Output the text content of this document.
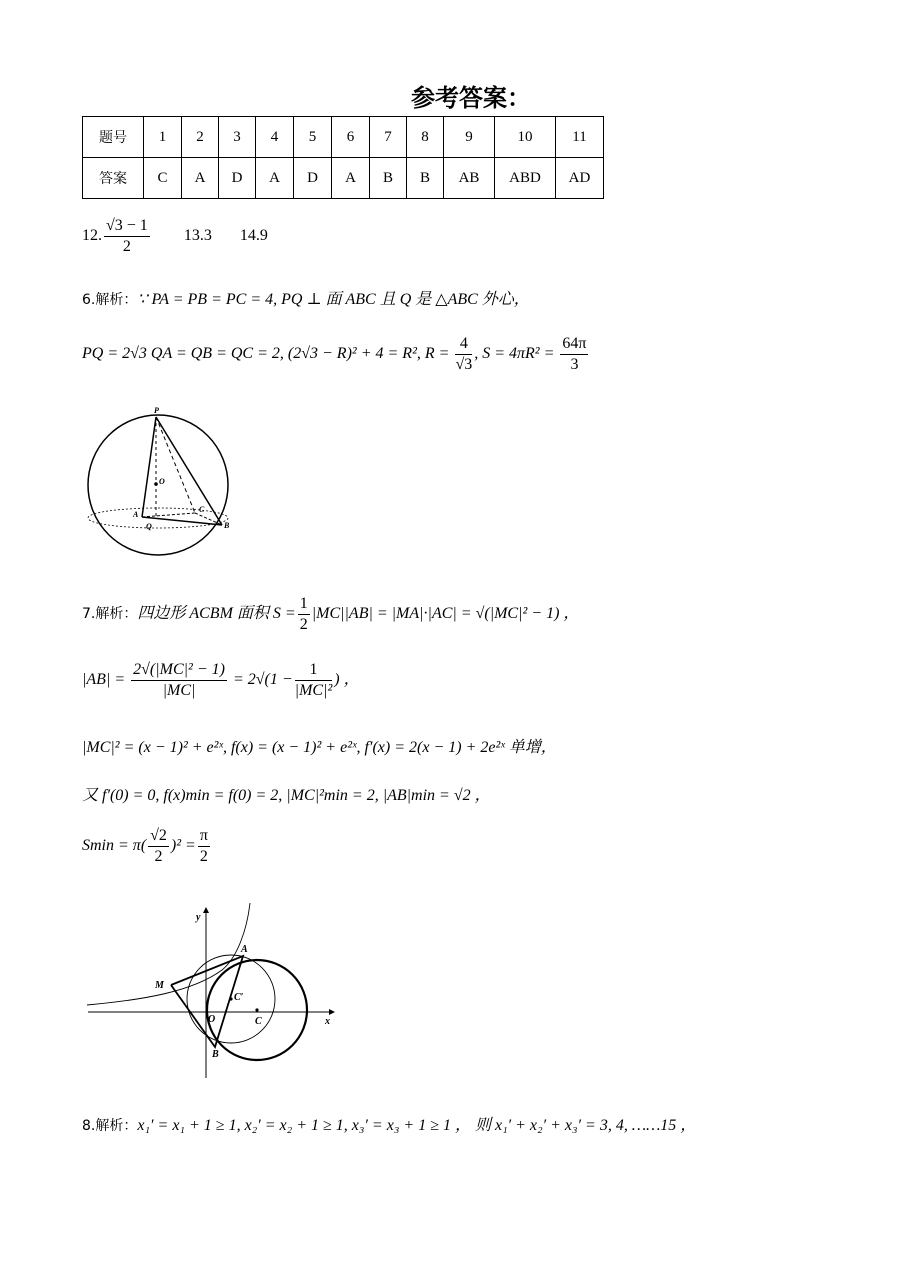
参考答案：
题号	1	2	3	4	5	6	7	8	9	10	11
答案	C	A	D	A	D	A	B	B	AB	ABD	AD
12. $\frac{√3 - 1}{2} 13.3$ 14.9
6.解析：∵ PA = PB = PC = 4, PQ ⊥ 面 ABC 且 Q 是 △ABC 外心，
PQ = 2√3 QA = QB = QC = 2, (2√3 − R)² + 4 = R², $R = \frac{4}{√3}$ , $S = 4\pi R^2 = \frac{64\pi}{3}$
P
O
A
Q
C
B
7.解析：四边形 ACBM 面积 $S = \frac{1}{2} |MC||AB| = |MA|\cdot|AC| = √(|MC|^2 - 1)$ ，
$|AB| = \frac{\text{2√(|MC|² − 1)}}{|MC|} = 2√(1 - \frac{1}{\text{|MC|²}}$ ) ，
|MC|² = (x − 1)² + e²ˣ, f(x) = (x − 1)² + e²ˣ, f′(x) = 2(x − 1) + 2e²ˣ 单增，
又 f′(0) = 0, f(x)min = f(0) = 2, |MC|²min = 2, |AB|min = √2 ，
$Smin = \pi( \frac{√2}{2} )^2 = \frac{\pi}{2}$
y
x
M
A
C′
O	C
B
8.解析：x₁′ = x₁ + 1 ≥ 1, x₂′ = x₂ + 1 ≥ 1, x₃′ = x₃ + 1 ≥ 1 ， 则 x₁′ + x₂′ + x₃′ = 3, 4, ……15 ，
